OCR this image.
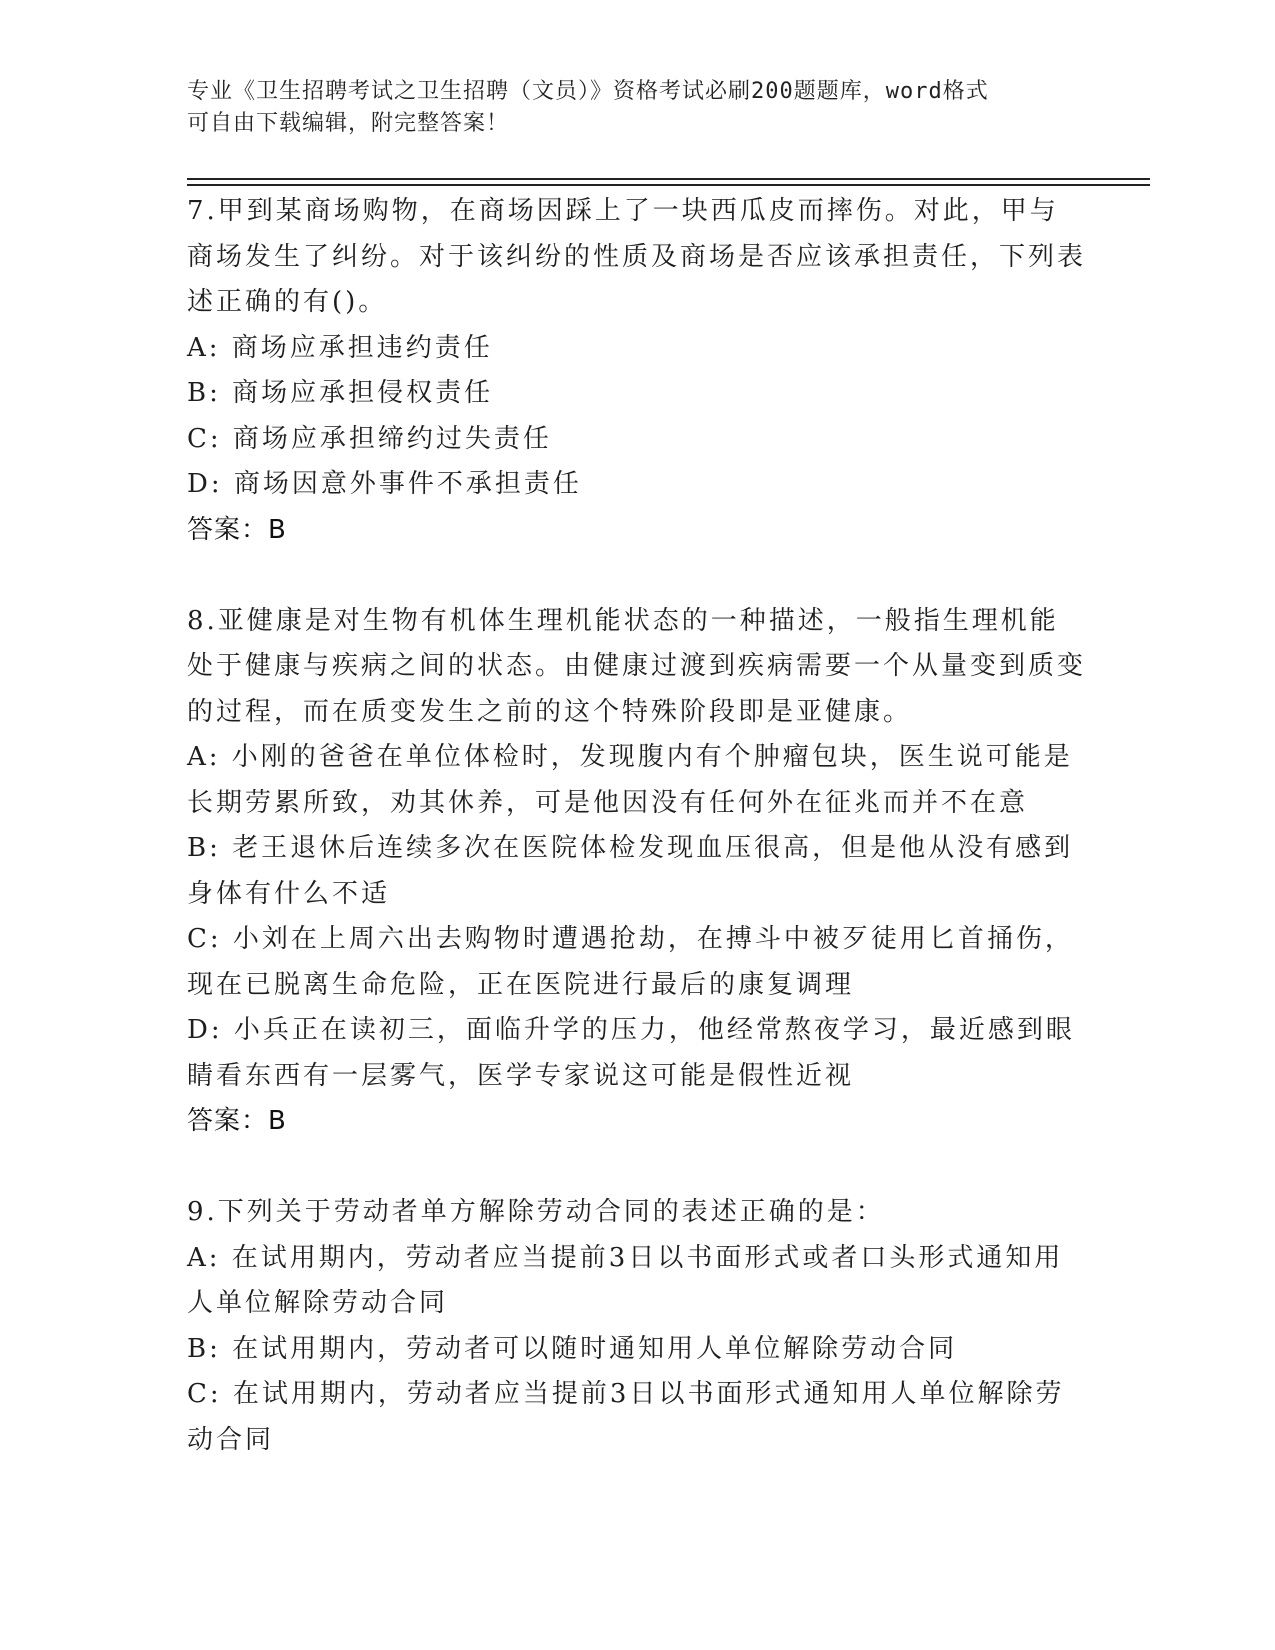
专业《卫生招聘考试之卫生招聘（文员）》资格考试必刷200题题库，word格式
可自由下载编辑，附完整答案！

7.甲到某商场购物，在商场因踩上了一块西瓜皮而摔伤。对此，甲与商场发生了纠纷。对于该纠纷的性质及商场是否应该承担责任，下列表述正确的有()。

A: 商场应承担违约责任

B: 商场应承担侵权责任

C: 商场应承担缔约过失责任

D: 商场因意外事件不承担责任

答案：B

8.亚健康是对生物有机体生理机能状态的一种描述，一般指生理机能处于健康与疾病之间的状态。由健康过渡到疾病需要一个从量变到质变的过程，而在质变发生之前的这个特殊阶段即是亚健康。

A: 小刚的爸爸在单位体检时，发现腹内有个肿瘤包块，医生说可能是长期劳累所致，劝其休养，可是他因没有任何外在征兆而并不在意

B: 老王退休后连续多次在医院体检发现血压很高，但是他从没有感到身体有什么不适

C: 小刘在上周六出去购物时遭遇抢劫，在搏斗中被歹徒用匕首捅伤，现在已脱离生命危险，正在医院进行最后的康复调理

D: 小兵正在读初三，面临升学的压力，他经常熬夜学习，最近感到眼睛看东西有一层雾气，医学专家说这可能是假性近视

答案：B

9.下列关于劳动者单方解除劳动合同的表述正确的是：

A: 在试用期内，劳动者应当提前3日以书面形式或者口头形式通知用人单位解除劳动合同

B: 在试用期内，劳动者可以随时通知用人单位解除劳动合同

C: 在试用期内，劳动者应当提前3日以书面形式通知用人单位解除劳动合同
